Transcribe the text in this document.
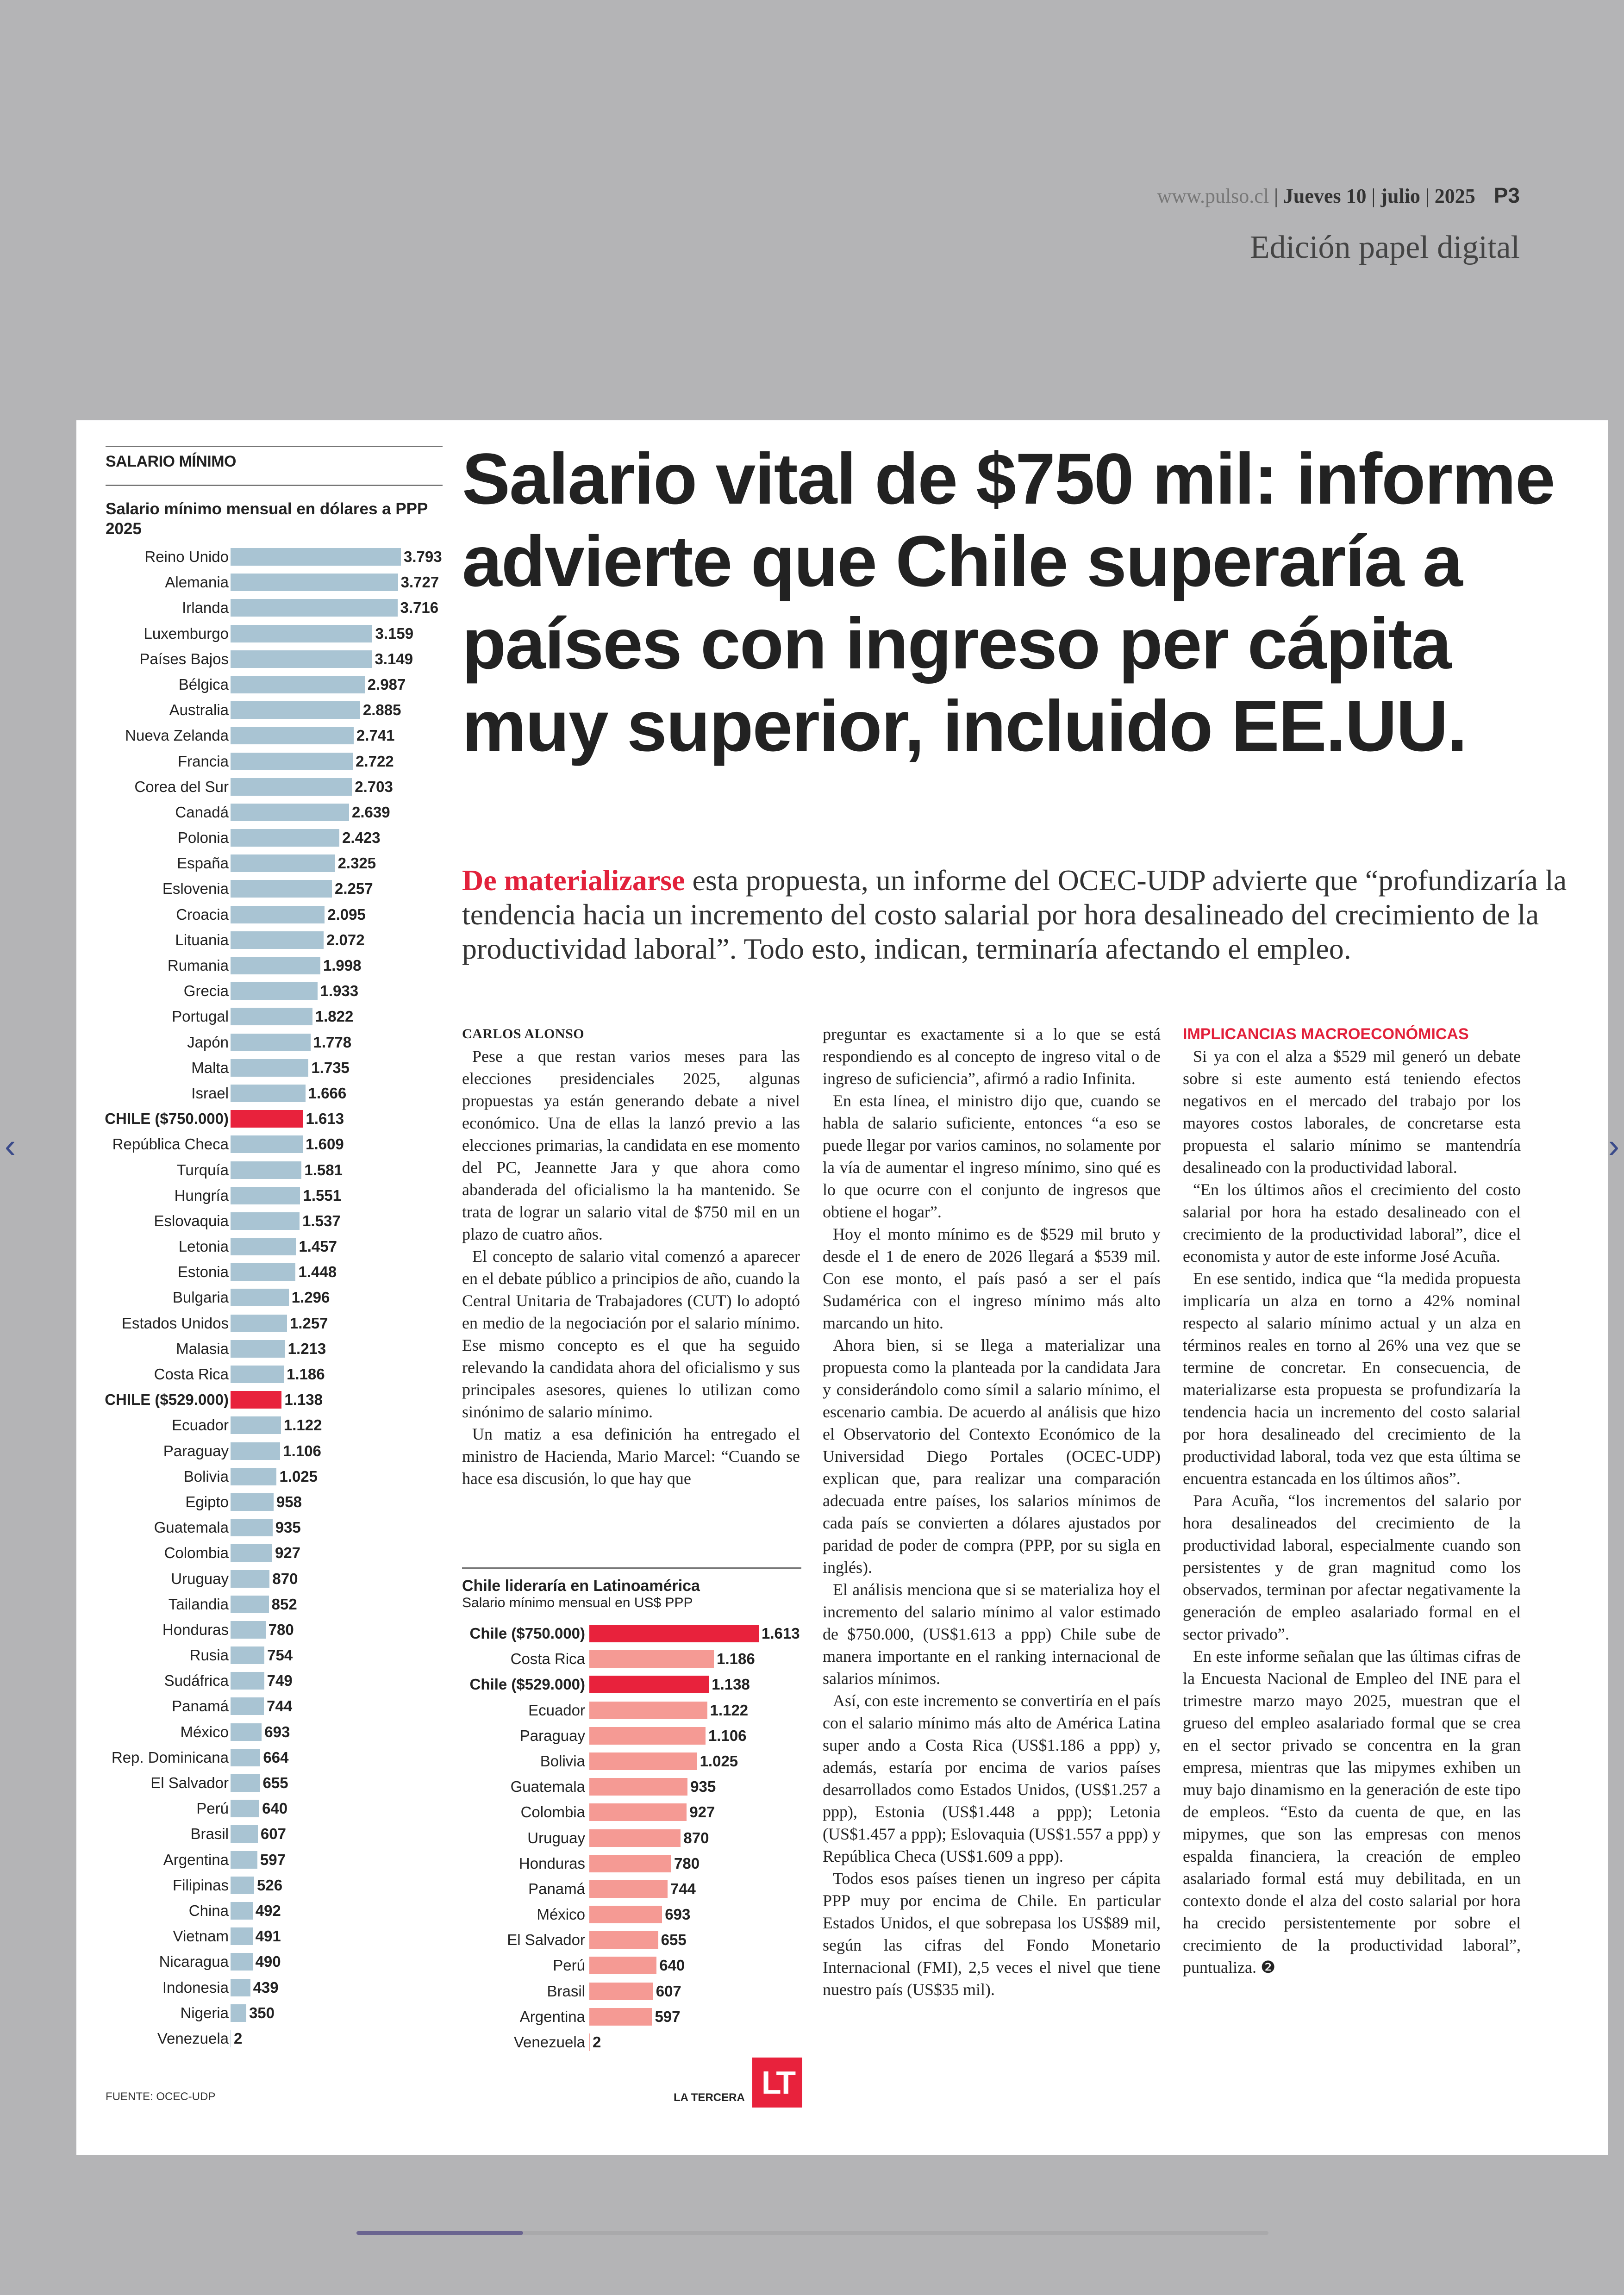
www.pulso.cl | Jueves 10 | julio | 2025 P3
Edición papel digital
‹	›
SALARIO MÍNIMO
Salario mínimo mensual en dólares a PPP 2025
Reino Unido	3.793
Alemania	3.727
Irlanda	3.716
Luxemburgo	3.159
Países Bajos	3.149
Bélgica	2.987
Australia	2.885
Nueva Zelanda	2.741
Francia	2.722
Corea del Sur	2.703
Canadá	2.639
Polonia	2.423
España	2.325
Eslovenia	2.257
Croacia	2.095
Lituania	2.072
Rumania	1.998
Grecia	1.933
Portugal	1.822
Japón	1.778
Malta	1.735
Israel	1.666
CHILE ($750.000)	1.613
República Checa	1.609
Turquía	1.581
Hungría	1.551
Eslovaquia	1.537
Letonia	1.457
Estonia	1.448
Bulgaria	1.296
Estados Unidos	1.257
Malasia	1.213
Costa Rica	1.186
CHILE ($529.000)	1.138
Ecuador	1.122
Paraguay	1.106
Bolivia	1.025
Egipto	958
Guatemala	935
Colombia	927
Uruguay	870
Tailandia	852
Honduras	780
Rusia	754
Sudáfrica	749
Panamá 744
México 693
Rep. Dominicana 664
El Salvador 655
Perú 640
Brasil 607
Argentina 597
Filipinas 526
China 492
Vietnam 491
Nicaragua 490
Indonesia 439
Nigeria 350
Venezuela 2
FUENTE: OCEC-UDP	LA TERCERA LT
Salario vital de $750 mil: informe advierte que Chile superaría a países con ingreso per cápita muy superior, incluido EE.UU.

De materializarse esta propuesta, un informe del OCEC-UDP advierte que “profundizaría la tendencia hacia un incremento del costo salarial por hora desalineado del crecimiento de la productividad laboral”. Todo esto, indican, terminaría afectando el empleo.

CARLOS ALONSO

Pese a que restan varios meses para las elecciones presidenciales 2025, algunas propuestas ya están generando debate a nivel económico. Una de ellas la lanzó previo a las elecciones primarias, la candidata en ese momento del PC, Jeannette Jara y que ahora como abanderada del oficialismo la ha mantenido. Se trata de lograr un salario vital de $750 mil en un plazo de cuatro años.

El concepto de salario vital comenzó a aparecer en el debate público a principios de año, cuando la Central Unitaria de Trabajadores (CUT) lo adoptó en medio de la negociación por el salario mínimo. Ese mismo concepto es el que ha seguido relevando la candidata ahora del oficialismo y sus principales asesores, quienes lo utilizan como sinónimo de salario mínimo.

Un matiz a esa definición ha entregado el ministro de Hacienda, Mario Marcel: “Cuando se hace esa discusión, lo que hay que

Chile lideraría en Latinoamérica
Salario mínimo mensual en US$ PPP
Chile ($750.000)	1.613
Costa Rica	1.186
Chile ($529.000)	1.138
Ecuador	1.122
Paraguay	1.106
Bolivia	1.025
Guatemala	935
Colombia	927
Uruguay	870
Honduras	780
Panamá	744
México	693
El Salvador	655
Perú	640
Brasil	607
Argentina	597
Venezuela 2

preguntar es exactamente si a lo que se está respondiendo es al concepto de ingreso vital o de ingreso de suficiencia”, afirmó a radio Infinita.

En esta línea, el ministro dijo que, cuando se habla de salario suficiente, entonces “a eso se puede llegar por varios caminos, no solamente por la vía de aumentar el ingreso mínimo, sino qué es lo que ocurre con el conjunto de ingresos que obtiene el hogar”.

Hoy el monto mínimo es de $529 mil bruto y desde el 1 de enero de 2026 llegará a $539 mil. Con ese monto, el país pasó a ser el país Sudamérica con el ingreso mínimo más alto marcando un hito.

Ahora bien, si se llega a materializar una propuesta como la planteada por la candidata Jara y considerándolo como símil a salario mínimo, el escenario cambia. De acuerdo al análisis que hizo el Observatorio del Contexto Económico de la Universidad Diego Portales (OCEC-UDP) explican que, para realizar una comparación adecuada entre países, los salarios mínimos de cada país se convierten a dólares ajustados por paridad de poder de compra (PPP, por su sigla en inglés).

El análisis menciona que si se materializa hoy el incremento del salario mínimo al valor estimado de $750.000, (US$1.613 a ppp) Chile sube de manera importante en el ranking internacional de salarios mínimos.

Así, con este incremento se convertiría en el país con el salario mínimo más alto de América Latina super ando a Costa Rica (US$1.186 a ppp) y, además, estaría por encima de varios países desarrollados como Estados Unidos, (US$1.257 a ppp), Estonia (US$1.448 a ppp); Letonia (US$1.457 a ppp); Eslovaquia (US$1.557 a ppp) y República Checa (US$1.609 a ppp).

Todos esos países tienen un ingreso per cápita PPP muy por encima de Chile. En particular Estados Unidos, el que sobrepasa los US$89 mil, según las cifras del Fondo Monetario Internacional (FMI), 2,5 veces el nivel que tiene nuestro país (US$35 mil).

IMPLICANCIAS MACROECONÓMICAS

Si ya con el alza a $529 mil generó un debate sobre si este aumento está teniendo efectos negativos en el mercado del trabajo por los mayores costos laborales, de concretarse esta propuesta el salario mínimo se mantendría desalineado con la productividad laboral.

“En los últimos años el crecimiento del costo salarial por hora ha estado desalineado con el crecimiento de la productividad laboral”, dice el economista y autor de este informe José Acuña.

En ese sentido, indica que “la medida propuesta implicaría un alza en torno a 42% nominal respecto al salario mínimo actual y un alza en términos reales en torno al 26% una vez que se termine de concretar. En consecuencia, de materializarse esta propuesta se profundizaría la tendencia hacia un incremento del costo salarial por hora desalineado del crecimiento de la productividad laboral, toda vez que esta última se encuentra estancada en los últimos años”.

Para Acuña, “los incrementos del salario por hora desalineados del crecimiento de la productividad laboral, especialmente cuando son persistentes y de gran magnitud como los observados, terminan por afectar negativamente la generación de empleo asalariado formal en el sector privado”.

En este informe señalan que las últimas cifras de la Encuesta Nacional de Empleo del INE para el trimestre marzo mayo 2025, muestran que el grueso del empleo asalariado formal que se crea en el sector privado se concentra en la gran empresa, mientras que las mipymes exhiben un muy bajo dinamismo en la generación de este tipo de empleos. “Esto da cuenta de que, en las mipymes, que son las empresas con menos espalda financiera, la creación de empleo asalariado formal está muy debilitada, en un contexto donde el alza del costo salarial por hora ha crecido persistentemente por sobre el crecimiento de la productividad laboral”, puntualiza. ❷
